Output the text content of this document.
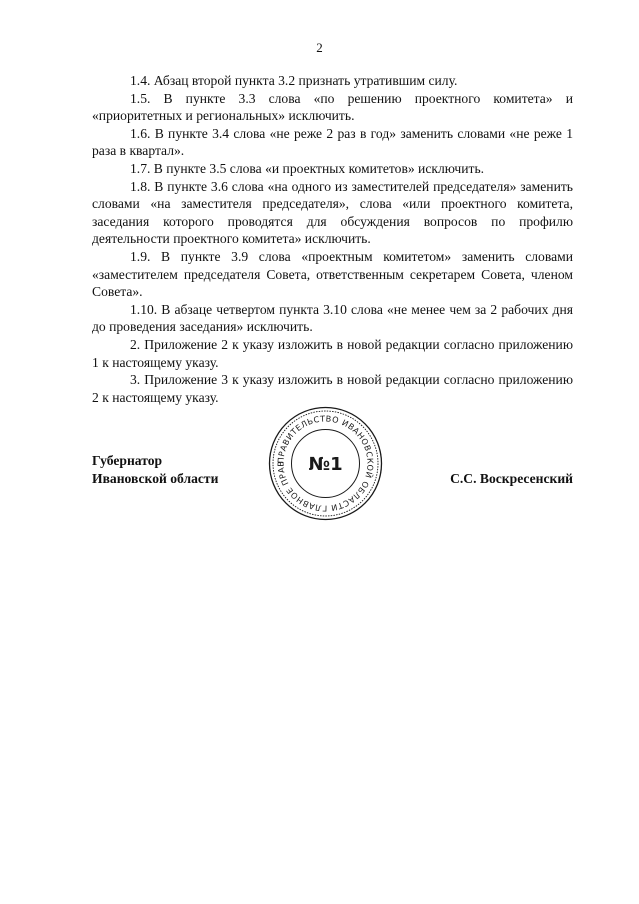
2

1.4. Абзац второй пункта 3.2 признать утратившим силу.

1.5. В пункте 3.3 слова «по решению проектного комитета» и «приоритетных и региональных» исключить.

1.6. В пункте 3.4 слова «не реже 2 раз в год» заменить словами «не реже 1 раза в квартал».

1.7. В пункте 3.5 слова «и проектных комитетов» исключить.

1.8. В пункте 3.6 слова «на одного из заместителей председателя» заменить словами «на заместителя председателя», слова «или проектного комитета, заседания которого проводятся для обсуждения вопросов по профилю деятельности проектного комитета» исключить.

1.9. В пункте 3.9 слова «проектным комитетом» заменить словами «заместителем председателя Совета, ответственным секретарем Совета, членом Совета».

1.10. В абзаце четвертом пункта 3.10 слова «не менее чем за 2 рабочих дня до проведения заседания» исключить.

2. Приложение 2 к указу изложить в новой редакции согласно приложению 1 к настоящему указу.

3. Приложение 3 к указу изложить в новой редакции согласно приложению 2 к настоящему указу.

Губернатор
Ивановской области
ПРАВИТЕЛЬСТВО ИВАНОВСКОЙ ОБЛАСТИ ГЛАВНОЕ ПРАВ	№1
С.С. Воскресенский
